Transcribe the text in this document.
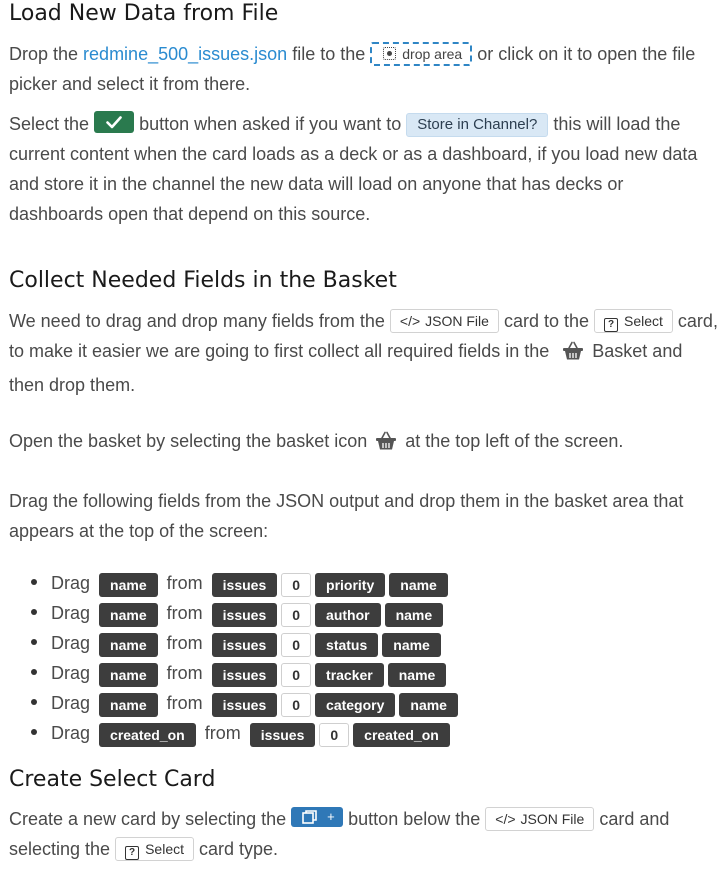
Load New Data from File

Drop the redmine_500_issues.json file to the drop area or click on it to open the file picker and select it from there.

Select the
button when asked if you want to Store in Channel? this will load the current content when the card loads as a deck or as a dashboard, if you load new data and store it in the channel the new data will load on anyone that has decks or dashboards open that depend on this source.

Collect Needed Fields in the Basket

We need to drag and drop many fields from the </> JSON File card to the ? Select card, to make it easier we are going to first collect all required fields in the Basket and then drop them.

Open the basket by selecting the basket icon at the top left of the screen.

Drag the following fields from the JSON output and drop them in the basket area that appears at the top of the screen:

Drag name from issues 0 priority name
Drag name from issues 0 author name
Drag name from issues 0 status name
Drag name from issues 0 tracker name
Drag name from issues 0 category name
Drag created_on from issues 0 created_on
Create Select Card

Create a new card by selecting the	+ button below the </> JSON File card and selecting the ? Select card type.
